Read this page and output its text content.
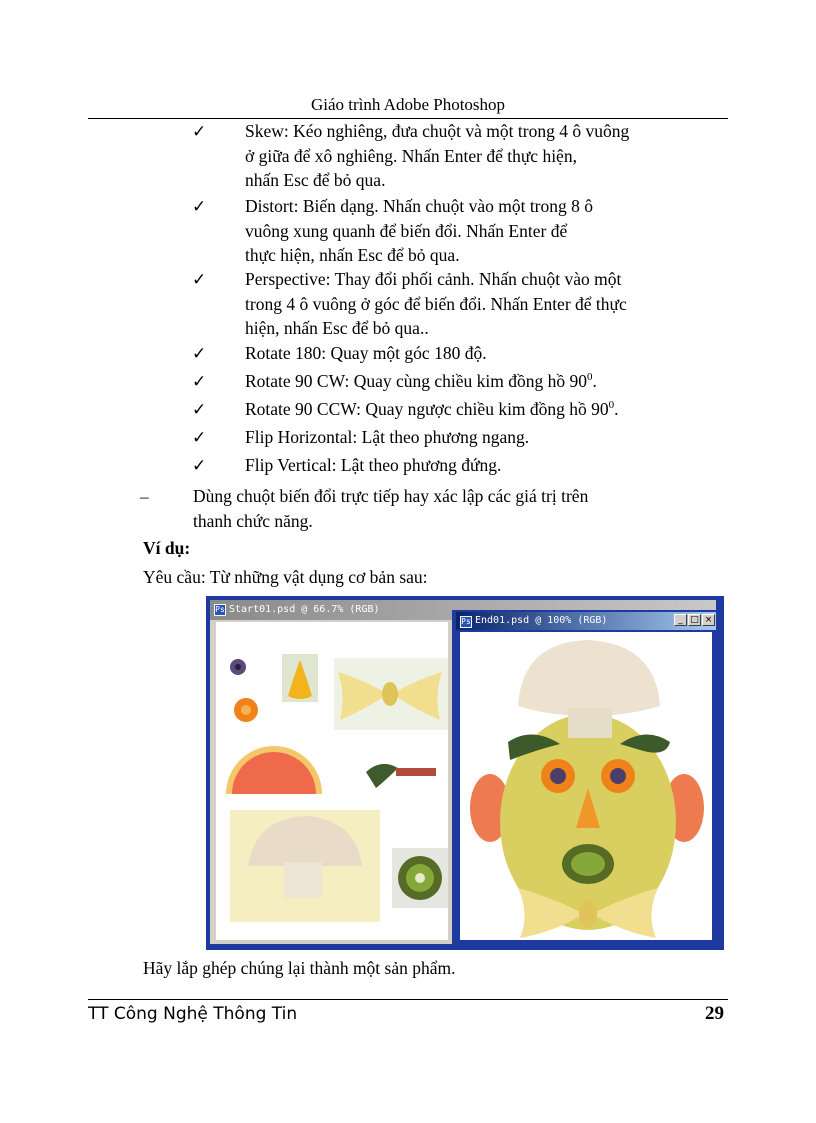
Giáo trình Adobe Photoshop
✓ Skew: Kéo nghiêng, đưa chuột và một trong 4 ô vuông
ở giữa để xô nghiêng. Nhấn Enter để thực hiện,
nhấn Esc để bỏ qua.
✓ Distort: Biến dạng. Nhấn chuột vào một trong 8 ô
vuông xung quanh để biến đổi. Nhấn Enter để
thực hiện, nhấn Esc để bỏ qua.
✓ Perspective: Thay đổi phối cảnh. Nhấn chuột vào một
trong 4 ô vuông ở góc để biến đổi. Nhấn Enter để thực
hiện, nhấn Esc để bỏ qua..
✓ Rotate 180: Quay một góc 180 độ.
✓ Rotate 90 CW: Quay cùng chiều kim đồng hồ $90^0$.
✓ Rotate 90 CCW: Quay ngược chiều kim đồng hồ $90^0$.
✓ Flip Horizontal: Lật theo phương ngang.
✓ Flip Vertical: Lật theo phương đứng.
–	Dùng chuột biến đổi trực tiếp hay xác lập các giá trị trên
thanh chức năng.
Ví dụ:
Yêu cầu: Từ những vật dụng cơ bản sau:
Ps Start01.psd @ 66.7% (RGB)
Ps End01.psd @ 100% (RGB)	_ □ ×
Hãy lắp ghép chúng lại thành một sản phẩm.
TT Công Nghệ Thông Tin	29
